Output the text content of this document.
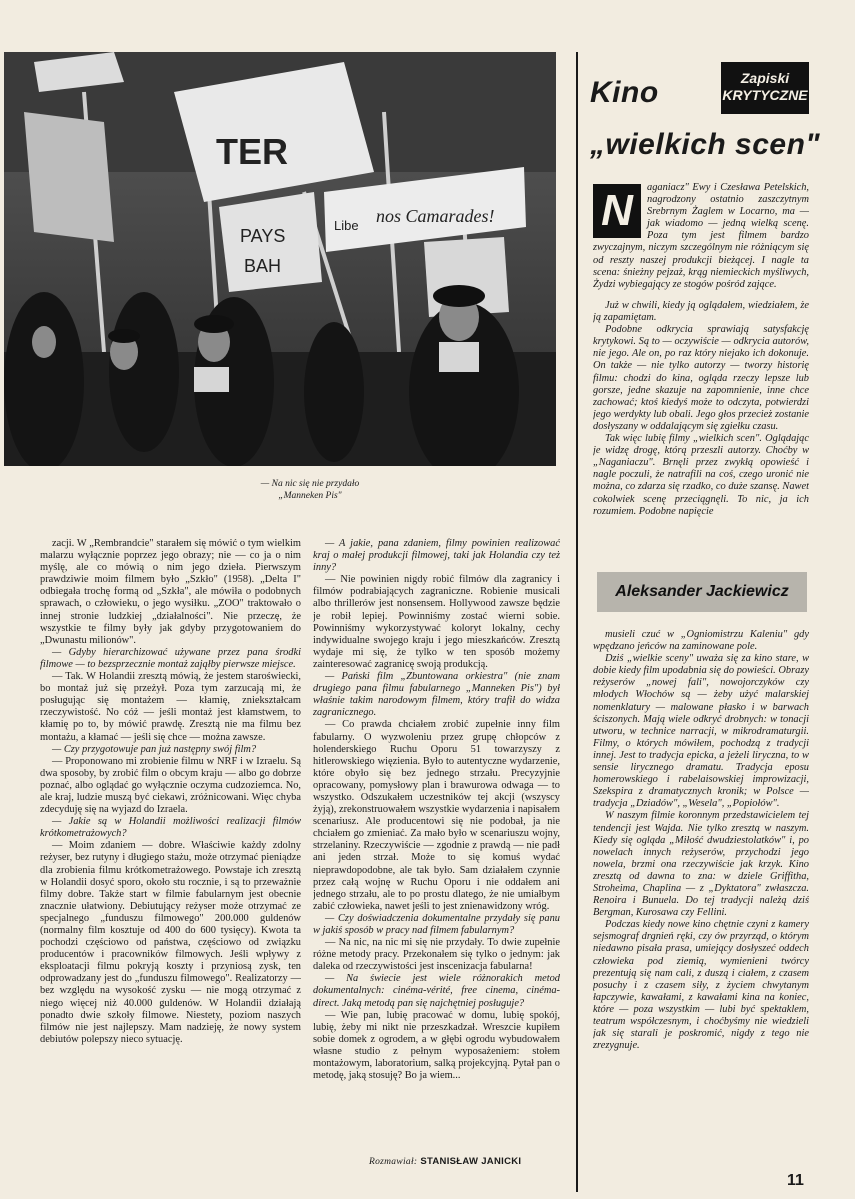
TER
PAYS
BAH
Libe nos Camarades!
— Na nic się nie przydało
„Manneken Pis"

zacji. W „Rembrandcie" starałem się mówić o tym wielkim malarzu wyłącznie poprzez jego obrazy; nie — co ja o nim myślę, ale co mówią o nim jego dzieła. Pierwszym prawdziwie moim filmem było „Szkło" (1958). „Delta I" odbiegała trochę formą od „Szkła", ale mówiła o podobnych sprawach, o człowieku, o jego wysiłku. „ZOO" traktowało o innej stronie ludzkiej „działalności". Nie przeczę, że wszystkie te filmy były jak gdyby przygotowaniem do „Dwunastu milionów".

— Gdyby hierarchizować używane przez pana środki filmowe — to bezsprzecznie montaż zająłby pierwsze miejsce.

— Tak. W Holandii zresztą mówią, że jestem staroświecki, bo montaż już się przeżył. Poza tym zarzucają mi, że posługując się montażem — kłamię, zniekształcam rzeczywistość. No cóż — jeśli montaż jest kłamstwem, to kłamię po to, by mówić prawdę. Zresztą nie ma filmu bez montażu, a kłamać — jeśli się chce — można zawsze.

— Czy przygotowuje pan już następny swój film?

— Proponowano mi zrobienie filmu w NRF i w Izraelu. Są dwa sposoby, by zrobić film o obcym kraju — albo go dobrze poznać, albo oglądać go wyłącznie oczyma cudzoziemca. No, ale kraj, ludzie muszą być ciekawi, zróżnicowani. Więc chyba zdecyduję się na wyjazd do Izraela.

— Jakie są w Holandii możliwości realizacji filmów krótkometrażowych?

— Moim zdaniem — dobre. Właściwie każdy zdolny reżyser, bez rutyny i długiego stażu, może otrzymać pieniądze dla zrobienia filmu krótkometrażowego. Powstaje ich zresztą w Holandii dosyć sporo, około stu rocznie, i są to przeważnie filmy dobre. Także start w filmie fabularnym jest obecnie znacznie ułatwiony. Debiutujący reżyser może otrzymać ze specjalnego „funduszu filmowego" 200.000 guldenów (normalny film kosztuje od 400 do 600 tysięcy). Kwota ta pochodzi częściowo od państwa, częściowo od związku producentów i pracowników filmowych. Jeśli wpływy z eksploatacji filmu pokryją koszty i przyniosą zysk, ten odprowadzany jest do „funduszu filmowego". Realizatorzy — bez względu na wysokość zysku — nie mogą otrzymać z niego więcej niż 40.000 guldenów. W Holandii działają ponadto dwie szkoły filmowe. Niestety, poziom naszych filmów nie jest najlepszy. Mam nadzieję, że nowy system debiutów polepszy nieco sytuację.

— A jakie, pana zdaniem, filmy powinien realizować kraj o małej produkcji filmowej, taki jak Holandia czy też inny?

— Nie powinien nigdy robić filmów dla zagranicy i filmów podrabiających zagraniczne. Robienie musicali albo thrillerów jest nonsensem. Hollywood zawsze będzie je robił lepiej. Powinniśmy zostać wierni sobie. Powinniśmy wykorzystywać koloryt lokalny, cechy indywidualne swojego kraju i jego mieszkańców. Zresztą wydaje mi się, że tylko w ten sposób możemy zainteresować zagranicę swoją produkcją.

— Pański film „Zbuntowana orkiestra" (nie znam drugiego pana filmu fabularnego „Manneken Pis") był właśnie takim narodowym filmem, który trafił do widza zagranicznego.

— Co prawda chciałem zrobić zupełnie inny film fabularny. O wyzwoleniu przez grupę chłopców z holenderskiego Ruchu Oporu 51 towarzyszy z hitlerowskiego więzienia. Było to autentyczne wydarzenie, które obyło się bez jednego strzału. Precyzyjnie opracowany, pomysłowy plan i brawurowa odwaga — to wszystko. Odszukałem uczestników tej akcji (wszyscy żyją), zrekonstruowałem wszystkie wydarzenia i napisałem scenariusz. Ale producentowi się nie podobał, ja nie chciałem go zmieniać. Za mało było w scenariuszu wojny, strzelaniny. Rzeczywiście — zgodnie z prawdą — nie padł ani jeden strzał. Może to się komuś wydać nieprawdopodobne, ale tak było. Sam działałem czynnie przez całą wojnę w Ruchu Oporu i nie oddałem ani jednego strzału, ale to po prostu dlatego, że nie umiałbym zabić człowieka, nawet jeśli to jest znienawidzony wróg.

— Czy doświadczenia dokumentalne przydały się panu w jakiś sposób w pracy nad filmem fabularnym?

— Na nic, na nic mi się nie przydały. To dwie zupełnie różne metody pracy. Przekonałem się tylko o jednym: jak daleka od rzeczywistości jest inscenizacja fabularna!

— Na świecie jest wiele różnorakich metod dokumentalnych: cinéma-vérité, free cinema, cinéma-direct. Jaką metodą pan się najchętniej posługuje?

— Wie pan, lubię pracować w domu, lubię spokój, lubię, żeby mi nikt nie przeszkadzał. Wreszcie kupiłem sobie domek z ogrodem, a w głębi ogrodu wybudowałem własne studio z pełnym wyposażeniem: stołem montażowym, laboratorium, salką projekcyjną. Pytał pan o metodę, jaką stosuję? Bo ja wiem...

Rozmawiał: STANISŁAW JANICKI
Zapiski
KRYTYCZNE
Kino
„wielkich scen"
N	aganiacz" Ewy i Czesława Petelskich, nagrodzony ostatnio zaszczytnym Srebrnym Żaglem w Locarno, ma — jak wiadomo — jedną wielką scenę. Poza tym jest filmem bardzo zwyczajnym, niczym szczególnym nie różniącym się od reszty naszej produkcji bieżącej. I nagle ta scena: śnieżny pejzaż, krąg niemieckich myśliwych, Żydzi wybiegający ze stogów pośród zające.

Już w chwili, kiedy ją oglądałem, wiedziałem, że ją zapamiętam.

Podobne odkrycia sprawiają satysfakcję krytykowi. Są to — oczywiście — odkrycia autorów, nie jego. Ale on, po raz który niejako ich dokonuje. On także — nie tylko autorzy — tworzy historię filmu: chodzi do kina, ogląda rzeczy lepsze lub gorsze, jedne skazuje na zapomnienie, inne chce zachować; ktoś kiedyś może to odczyta, potwierdzi jego werdykty lub obali. Jego głos przecież zostanie dosłyszany w oddalającym się zgiełku czasu.

Tak więc lubię filmy „wielkich scen". Oglądając je widzę drogę, którą przeszli autorzy. Choćby w „Naganiaczu". Brnęli przez zwykłą opowieść i nagle poczuli, że natrafili na coś, czego uronić nie można, co zdarza się rzadko, co duże szansę. Nawet cokolwiek scenę przeciągnęli. To nic, ja ich rozumiem. Podobne napięcie

Aleksander Jackiewicz

musieli czuć w „Ogniomistrzu Kaleniu" gdy wpędzano jeńców na zaminowane pole.

Dziś „wielkie sceny" uważa się za kino stare, w dobie kiedy film upodabnia się do powieści. Obrazy reżyserów „nowej fali", nowojorczyków czy młodych Włochów są — żeby użyć malarskiej nomenklatury — malowane płasko i w barwach ściszonych. Mają wiele odkryć drobnych: w tonacji utworu, w technice narracji, w mikrodramaturgii. Filmy, o których mówiłem, pochodzą z tradycji innej. Jest to tradycja epicka, a jeżeli liryczna, to w sensie lirycznego dramatu. Tradycja eposu homerowskiego i rabelaisowskiej improwizacji, Szekspira z dramatycznych kronik; w Polsce — tradycja „Dziadów", „Wesela", „Popiołów".

W naszym filmie koronnym przedstawicielem tej tendencji jest Wajda. Nie tylko zresztą w naszym. Kiedy się ogląda „Miłość dwudziestolatków" i, po nowelach innych reżyserów, przychodzi jego nowela, brzmi ona rzeczywiście jak krzyk. Kino zresztą od dawna to zna: w dziele Griffitha, Stroheima, Chaplina — z „Dyktatora" zwłaszcza. Renoira i Bunuela. Do tej tradycji należą dziś Bergman, Kurosawa czy Fellini.

Podczas kiedy nowe kino chętnie czyni z kamery sejsmograf drgnień ręki, czy ów przyrząd, o którym niedawno pisała prasa, umiejący dosłyszeć oddech człowieka pod ziemią, wymienieni twórcy prezentują się nam cali, z duszą i ciałem, z czasem posuchy i z czasem siły, z życiem chwytanym łapczywie, kawałami, z kawałami kina na koniec, które — poza wszystkim — lubi być spektaklem, teatrum współczesnym, i choćbyśmy nie wiedzieli jak się starali je poskromić, nigdy z tego nie zrezygnuje.

11
